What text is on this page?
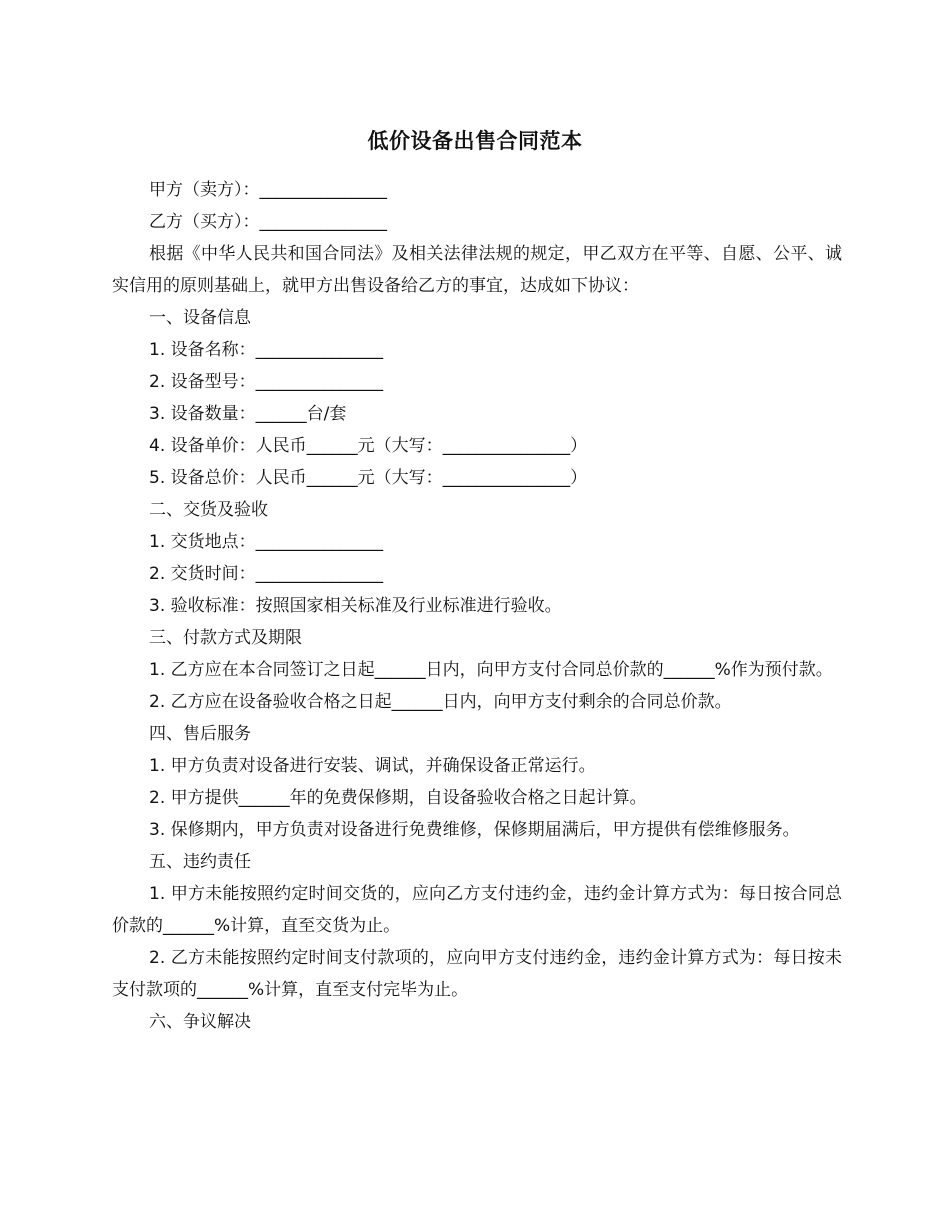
低价设备出售合同范本

甲方（卖方）：_______________

乙方（买方）：_______________

根据《中华人民共和国合同法》及相关法律法规的规定，甲乙双方在平等、自愿、公平、诚实信用的原则基础上，就甲方出售设备给乙方的事宜，达成如下协议：

一、设备信息

1. 设备名称：_______________

2. 设备型号：_______________

3. 设备数量：______台/套

4. 设备单价：人民币______元（大写：_______________）

5. 设备总价：人民币______元（大写：_______________）

二、交货及验收

1. 交货地点：_______________

2. 交货时间：_______________

3. 验收标准：按照国家相关标准及行业标准进行验收。

三、付款方式及期限

1. 乙方应在本合同签订之日起______日内，向甲方支付合同总价款的______%作为预付款。

2. 乙方应在设备验收合格之日起______日内，向甲方支付剩余的合同总价款。

四、售后服务

1. 甲方负责对设备进行安装、调试，并确保设备正常运行。

2. 甲方提供______年的免费保修期，自设备验收合格之日起计算。

3. 保修期内，甲方负责对设备进行免费维修，保修期届满后，甲方提供有偿维修服务。

五、违约责任

1. 甲方未能按照约定时间交货的，应向乙方支付违约金，违约金计算方式为：每日按合同总价款的______%计算，直至交货为止。

2. 乙方未能按照约定时间支付款项的，应向甲方支付违约金，违约金计算方式为：每日按未支付款项的______%计算，直至支付完毕为止。

六、争议解决
